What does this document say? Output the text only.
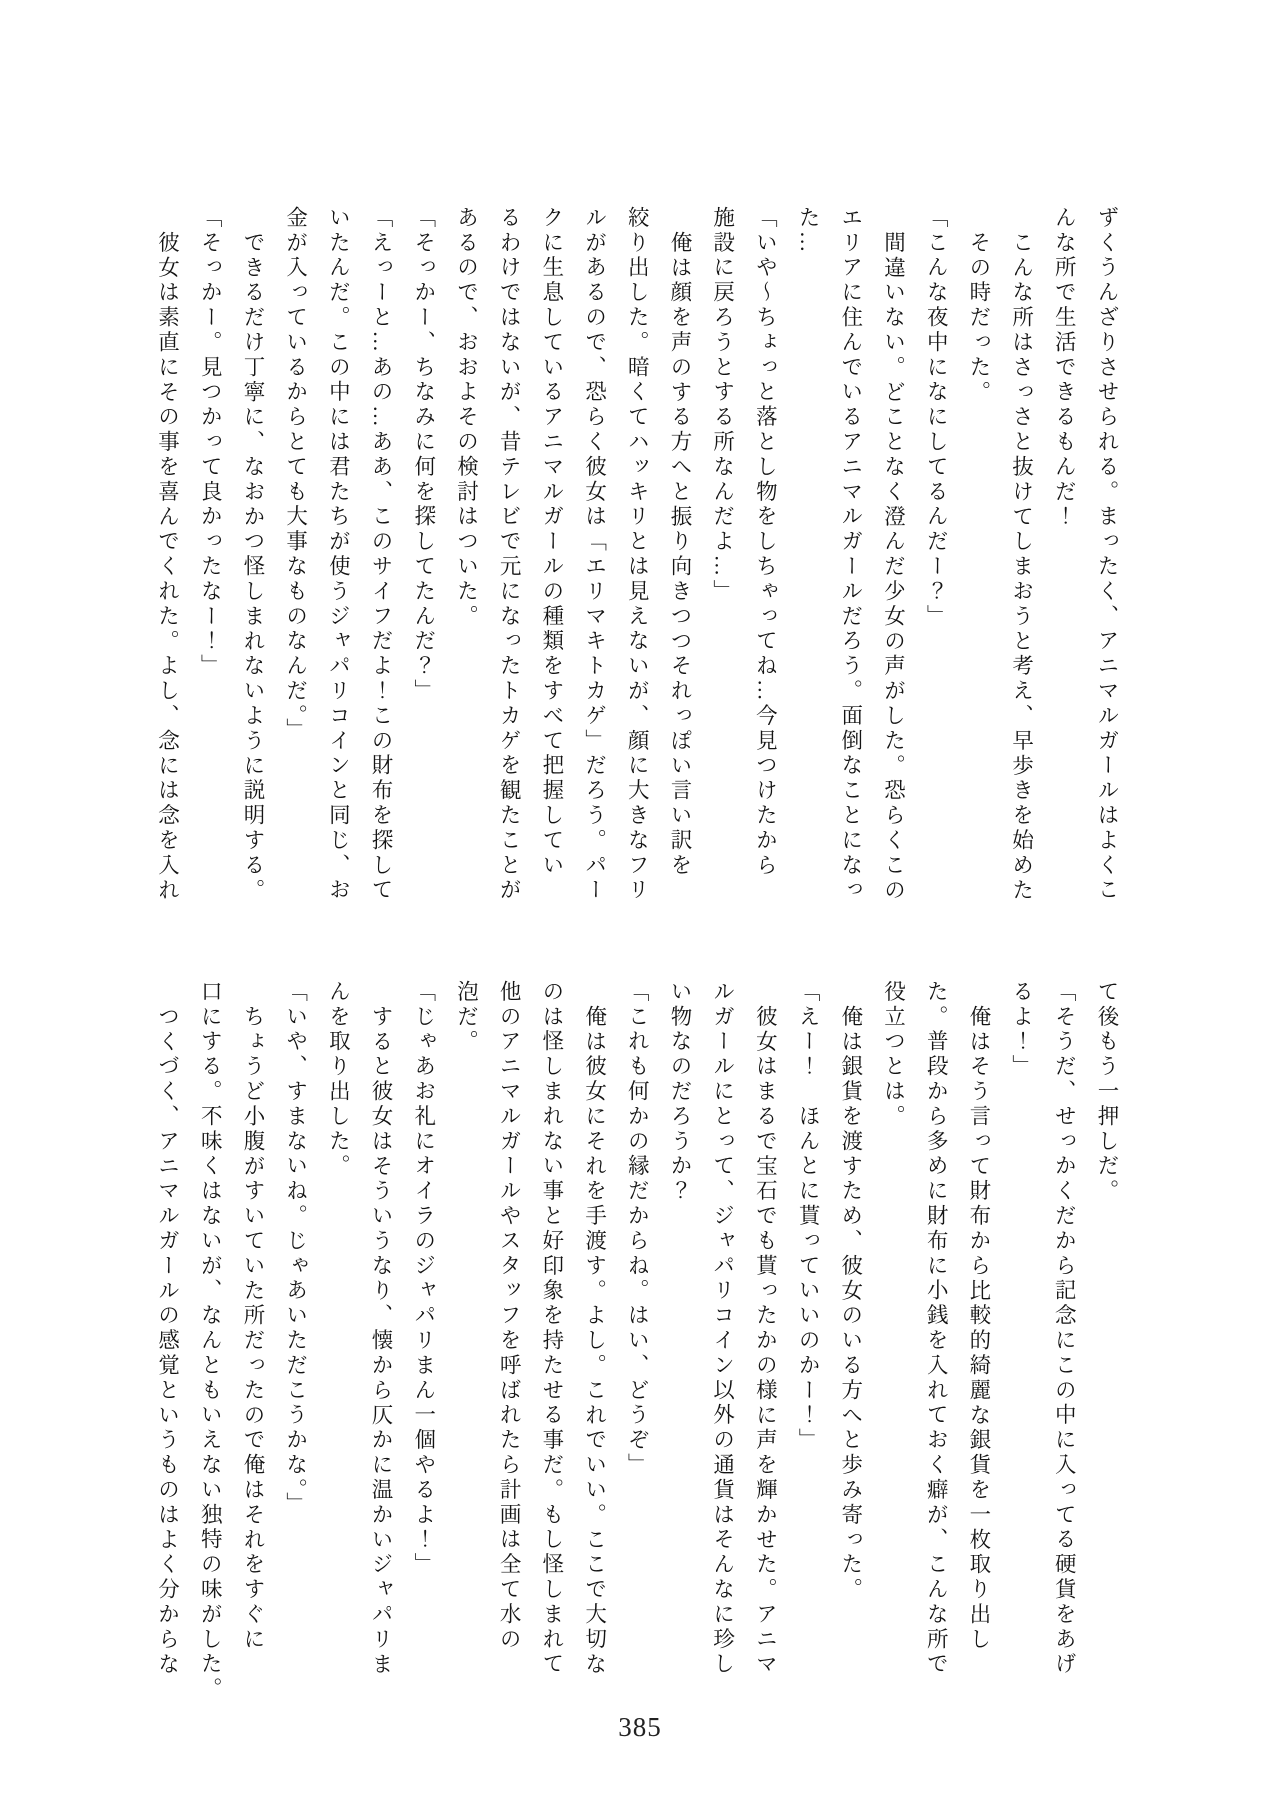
ずくうんざりさせられる。まったく、アニマルガールはよくこ
んな所で生活できるもんだ！
こんな所はさっさと抜けてしまおうと考え、早歩きを始めた
その時だった。
「こんな夜中になにしてるんだー？」
間違いない。どことなく澄んだ少女の声がした。恐らくこの
エリアに住んでいるアニマルガールだろう。面倒なことになっ
た…
「いや〜ちょっと落とし物をしちゃってね…今見つけたから
施設に戻ろうとする所なんだよ…」
俺は顔を声のする方へと振り向きつつそれっぽい言い訳を
絞り出した。暗くてハッキリとは見えないが、顔に大きなフリ
ルがあるので、恐らく彼女は「エリマキトカゲ」だろう。パー
クに生息しているアニマルガールの種類をすべて把握してい
るわけではないが、昔テレビで元になったトカゲを観たことが
あるので、おおよその検討はついた。
「そっかー、ちなみに何を探してたんだ？」
「えっーと…あの…ああ、このサイフだよ！この財布を探して
いたんだ。この中には君たちが使うジャパリコインと同じ、お
金が入っているからとても大事なものなんだ。」
できるだけ丁寧に、なおかつ怪しまれないように説明する。
「そっかー。見つかって良かったなー！」
彼女は素直にその事を喜んでくれた。よし、念には念を入れ
て後もう一押しだ。
「そうだ、せっかくだから記念にこの中に入ってる硬貨をあげ
るよ！」
俺はそう言って財布から比較的綺麗な銀貨を一枚取り出し
た。普段から多めに財布に小銭を入れておく癖が、こんな所で
役立つとは。
俺は銀貨を渡すため、彼女のいる方へと歩み寄った。
「えー！　ほんとに貰っていいのかー！」
彼女はまるで宝石でも貰ったかの様に声を輝かせた。アニマ
ルガールにとって、ジャパリコイン以外の通貨はそんなに珍し
い物なのだろうか？
「これも何かの縁だからね。はい、どうぞ」
俺は彼女にそれを手渡す。よし。これでいい。ここで大切な
のは怪しまれない事と好印象を持たせる事だ。もし怪しまれて
他のアニマルガールやスタッフを呼ばれたら計画は全て水の
泡だ。
「じゃあお礼にオイラのジャパリまん一個やるよ！」
すると彼女はそういうなり、懐から仄かに温かいジャパリま
んを取り出した。
「いや、すまないね。じゃあいただこうかな。」
ちょうど小腹がすいていた所だったので俺はそれをすぐに
口にする。不味くはないが、なんともいえない独特の味がした。
つくづく、アニマルガールの感覚というものはよく分からな
385
